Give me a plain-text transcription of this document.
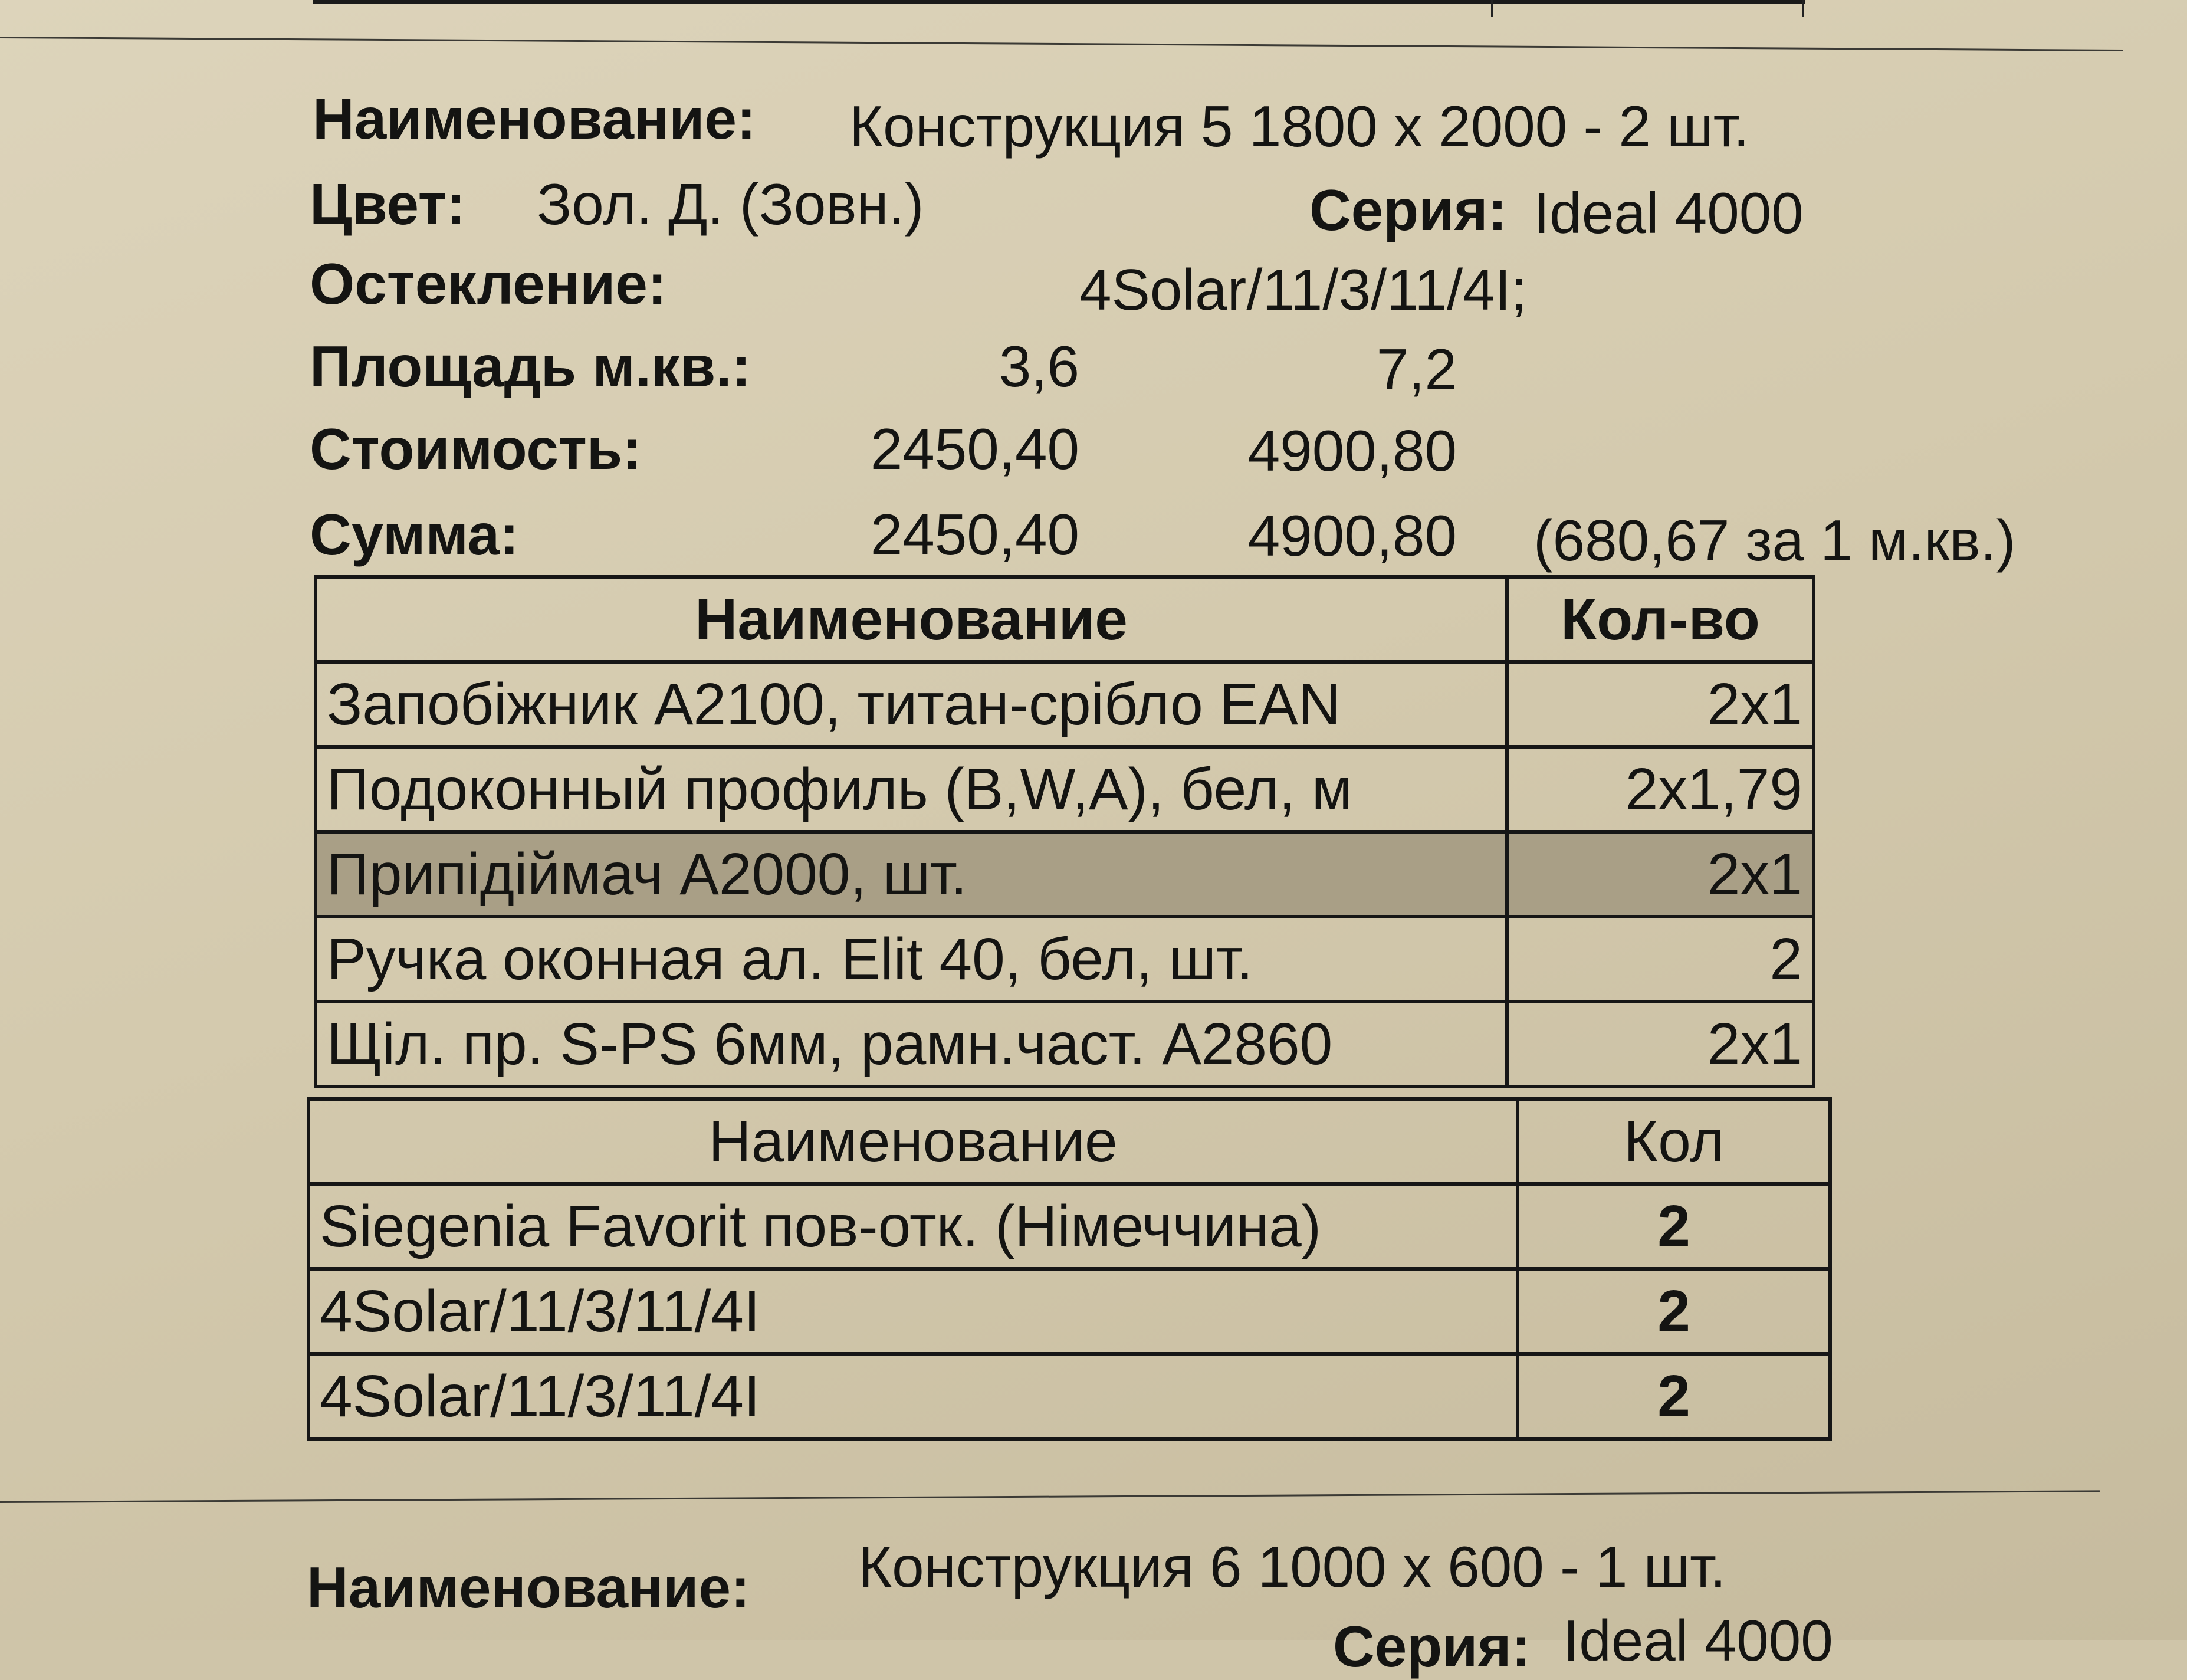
Наименование: Конструкция 5 1800 x 2000 - 2 шт.
Цвет: Зол. Д. (Зовн.)	Серия: Ideal 4000
Остекление:	4Solar/11/3/11/4I;
Площадь м.кв.:	3,6	7,2
Стоимость:	2450,40	4900,80
Сумма:	2450,40	4900,80 (680,67 за 1 м.кв.)
Наименование	Кол-во
Запобіжник A2100, титан-срібло EAN	2x1
Подоконный профиль (B,W,A), бел, м	2x1,79
Припідіймач A2000, шт.	2x1
Ручка оконная ал. Elit 40, бел, шт.	2
Щіл. пр. S-PS 6мм, рамн.част. A2860	2x1
Наименование	Кол
Siegenia Favorit пов-отк. (Німеччина)	2
4Solar/11/3/11/4I	2
4Solar/11/3/11/4I	2
Наименование: Конструкция 6 1000 x 600 - 1 шт.
Серия: Ideal 4000
